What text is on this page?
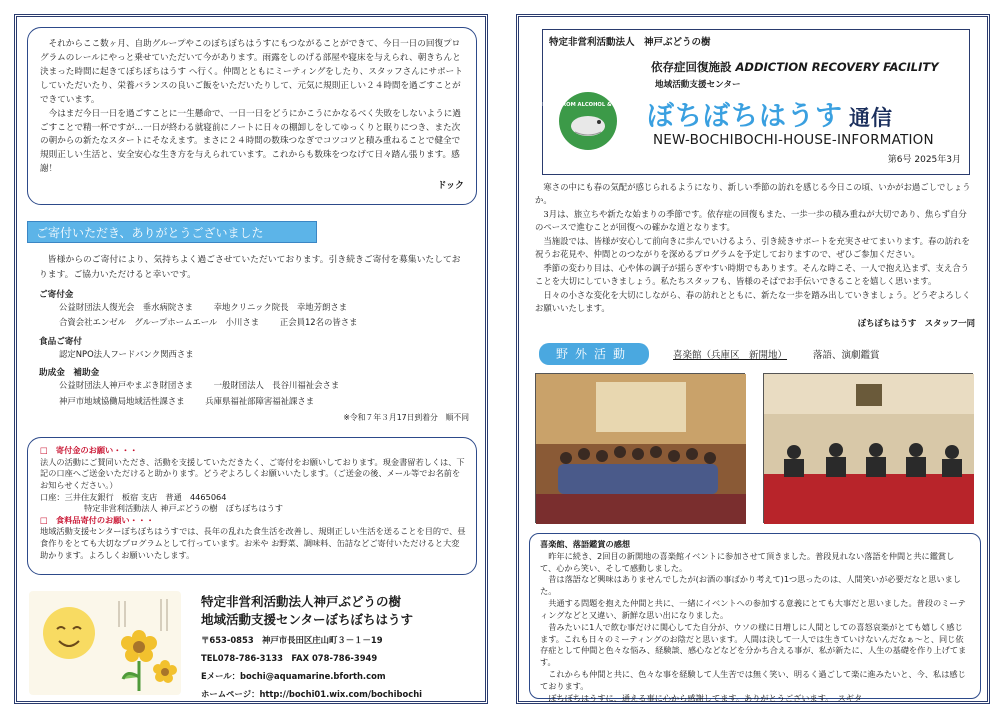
それからここ数ヶ月、自助グループやこのぼちぼちはうすにもつながることができて、今日一日の回復プログラムのレールにやっと乗せていただいて今があります。雨露をしのげる部屋や寝床を与えられ、朝きちんと決まった時間に起きてぼちぼちはうす へ行く。仲間とともにミーティングをしたり、スタッフさんにサポートしていただいたり、栄養バランスの良いご飯をいただいたりして、元気に規則正しい２４時間を過ごすことができています。

今はまだ今日一日を過ごすことに一生懸命で、一日一日をどうにかこうにかなるべく失敗をしないように過ごすことで精一杯ですが…一日が終わる就寝前にノートに日々の棚卸しをしてゆっくりと眠りにつき、また次の朝からの新たなスタートにそなえます。まさに２４時間の数珠つなぎでコツコツと積み重ねることで健全で規則正しい生活と、安全安心な生き方を与えられています。これからも数珠をつなげて日々踏ん張ります。感謝！

ドック
ご寄付いただき、ありがとうございました

皆様からのご寄付により、気持ちよく過ごさせていただいております。引き続きご寄付を募集いたしております。ご協力いただけると幸いです。

ご寄付金
公益財団法人復光会　垂水病院さま 幸地クリニック院長　幸地芳朗さま
合資会社エンゼル　グループホームエール　小川さま 正会員12名の皆さま
食品ご寄付
認定NPO法人フードバンク関西さま
助成金　補助金
公益財団法人神戸やまぶき財団さま 一般財団法人　長谷川福祉会さま
神戸市地域協働局地域活性課さま 兵庫県福祉部障害福祉課さま
※令和７年３月17日到着分　順不同
□　寄付金のお願い・・・
法人の活動にご賛同いただき、活動を支援していただきたく、ご寄付をお願いしております。現金書留若しくは、下記の口座へご送金いただけると助かります。どうぞよろしくお願いいたします。（ご送金の後、メール等でお名前をお知らせください。）
口座：三井住友銀行　板宿 支店　普通　4465064
特定非営利活動法人 神戸ぶどうの樹　ぼちぼちはうす
□　食料品寄付のお願い・・・
地域活動支援センターぼちぼちはうすでは、長年の乱れた食生活を改善し、規則正しい生活を送ることを目的で、昼食作りをとても大切なプログラムとして行っています。お米や お野菜、調味料、缶詰などご寄付いただけると大変助かります。よろしくお願いいたします。
特定非営利活動法人神戸ぶどうの樹
地域活動支援センターぼちぼちはうす
〒653-0853　神戸市長田区庄山町３－１－19
TEL078-786-3133　FAX 078-786-3949
Eメール：bochi@aquamarine.bforth.com
ホームページ：http://bochi01.wix.com/bochibochi
特定非営利活動法人　神戸ぶどうの樹
依存症回復施設 ADDICTION RECOVERY FACILITY
地域活動支援センター
FREE FROM ALCOHOL & DRUGS ぼちぼちはうす 通信
NEW-BOCHIBOCHI-HOUSE-INFORMATION
第6号 2025年3月

寒さの中にも春の気配が感じられるようになり、新しい季節の訪れを感じる今日この頃、いかがお過ごしでしょうか。

3月は、旅立ちや新たな始まりの季節です。依存症の回復もまた、一歩一歩の積み重ねが大切であり、焦らず自分のペースで進むことが回復への確かな道となります。

当施設では、皆様が安心して前向きに歩んでいけるよう、引き続きサポートを充実させてまいります。春の訪れを祝うお花見や、仲間とのつながりを深めるプログラムを予定しておりますので、ぜひご参加ください。

季節の変わり目は、心や体の調子が揺らぎやすい時期でもあります。そんな時こそ、一人で抱え込まず、支え合うことを大切にしていきましょう。私たちスタッフも、皆様のそばでお手伝いできることを嬉しく思います。

日々の小さな変化を大切にしながら、春の訪れとともに、新たな一歩を踏み出していきましょう。どうぞよろしくお願いいたします。

ぼちぼちはうす　スタッフ一同
野外活動	喜楽館（兵庫区　新開地）	落語、演劇鑑賞
喜楽館、落語鑑賞の感想

昨年に続き、2回目の新開地の喜楽館イベントに参加させて頂きました。普段見れない落語を仲間と共に鑑賞して、心から笑い、そして感動しました。

昔は落語など興味はありませんでしたが(お酒の事ばかり考えて)1つ思ったのは、人間笑いが必要だなと思いました。

共通する問題を抱えた仲間と共に、一緒にイベントへの参加する意義にとても大事だと思いました。普段のミーティングなどと又違い、新鮮な思い出になりました。

昔みたいに1人で飲む事だけに関心してた自分が、ウソの様に日増しに人間としての喜怒哀楽がとても嬉しく感じます。これも日々のミーティングのお陰だと思います。人間は決して一人では生きていけないんだなぁ～と、同じ依存症として仲間と色々な悩み、経験談、感心などなどを分かち合える事が、私が新たに、人生の基礎を作り上げてます。

これからも仲間と共に、色々な事を経験して人生苦では無く笑い、明るく過ごして楽に進みたいと、今、私は感じております。

ぼちぼちはうすに、通える事に心から感謝してます。ありがとうございます。　スギタ
